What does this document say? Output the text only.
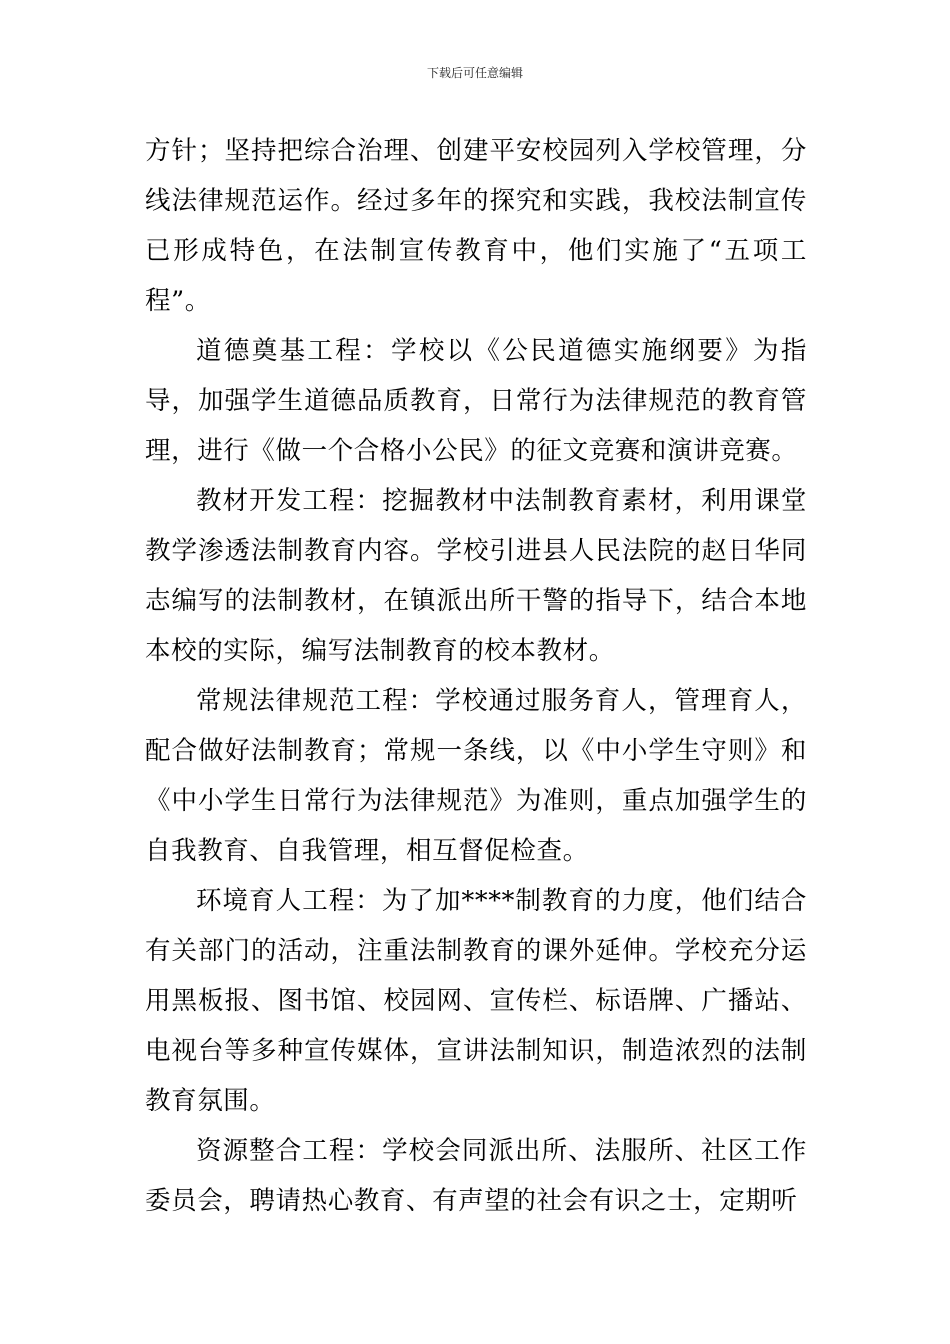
下载后可任意编辑

方针；坚持把综合治理、创建平安校园列入学校管理，分线法律规范运作。经过多年的探究和实践，我校法制宣传已形成特色，在法制宣传教育中，他们实施了“五项工程”。

道德奠基工程：学校以《公民道德实施纲要》为指导，加强学生道德品质教育，日常行为法律规范的教育管理，进行《做一个合格小公民》的征文竞赛和演讲竞赛。

教材开发工程：挖掘教材中法制教育素材，利用课堂教学渗透法制教育内容。学校引进县人民法院的赵日华同志编写的法制教材，在镇派出所干警的指导下，结合本地本校的实际，编写法制教育的校本教材。

常规法律规范工程：学校通过服务育人，管理育人，配合做好法制教育；常规一条线，以《中小学生守则》和《中小学生日常行为法律规范》为准则，重点加强学生的自我教育、自我管理，相互督促检查。

环境育人工程：为了加****制教育的力度，他们结合有关部门的活动，注重法制教育的课外延伸。学校充分运用黑板报、图书馆、校园网、宣传栏、标语牌、广播站、电视台等多种宣传媒体，宣讲法制知识，制造浓烈的法制教育氛围。

资源整合工程：学校会同派出所、法服所、社区工作委员会，聘请热心教育、有声望的社会有识之士，定期听
